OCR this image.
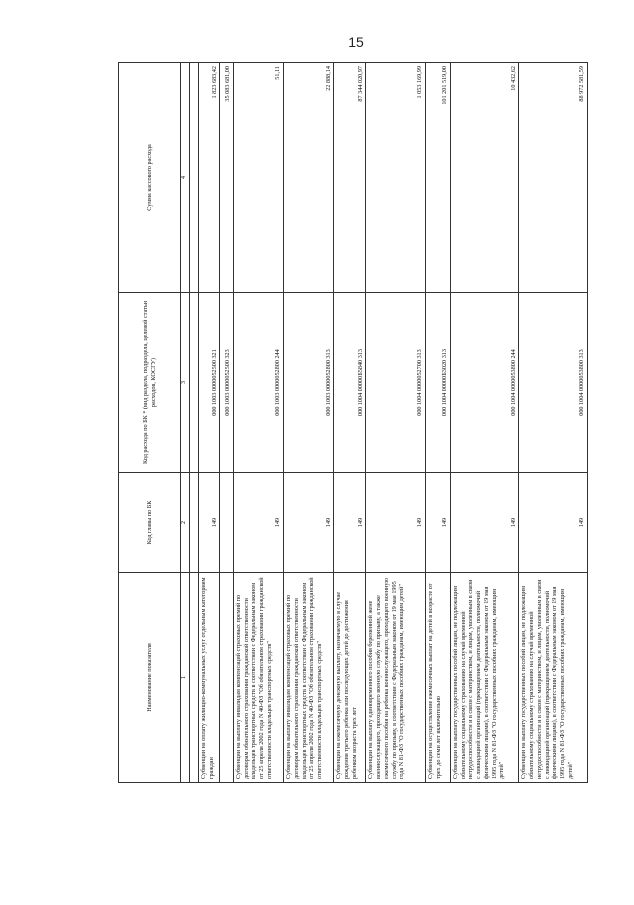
15
Наименование показателя	Код главы по БК	Код расхода по БК * (вид раздела, подраздела, целевой статьи расходов, КОСГУ)	Сумма кассового расхода
1	2	3	4

Субвенции на оплату жилищно-коммунальных услуг отдельным категориям граждан	149	000 1003 0000052500 321	1 823 683,42
		000 1003 0000052500 323	35 083 681,00
Субвенции на выплату инвалидам компенсаций страховых премий по договорам обязательного страхования гражданской ответственности владельцев транспортных средств в соответствии с Федеральным законом от 25 апреля 2002 года N 40-ФЗ "Об обязательном страховании гражданской ответственности владельцев транспортных средств"	149	000 1003 0000052800 244	51,11
Субвенции на выплату инвалидам компенсаций страховых премий по договорам обязательного страхования гражданской ответственности владельцев транспортных средств в соответствии с Федеральным законом от 25 апреля 2002 года N 40-ФЗ "Об обязательном страховании гражданской ответственности владельцев транспортных средств"	149	000 1003 0000052800 313	22 888,14
Субвенции на ежемесячную денежную выплату, назначаемую в случае рождения третьего ребенка или последующих детей до достижения ребенком возраста трех лет	149	000 1004 00000Б5840 313	87 344 020,97
Субвенции на выплату единовременного пособия беременной жене военнослужащего, проходящего военную службу по призыву, а также ежемесячного пособия на ребенка военнослужащего, проходящего военную службу по призыву, в соответствии с Федеральным законом от 19 мая 1995 года N 81-ФЗ "О государственных пособиях гражданам, имеющим детей"	149	000 1004 0000052700 313	1 053 169,99
Субвенции на осуществление ежемесячных выплат на детей в возрасте от трех до семи лет включительно	149	000 1004 00000Б3020 313	101 201 519,00
Субвенции на выплату государственных пособий лицам, не подлежащим обязательному социальному страхованию на случай временной нетрудоспособности и в связи с материнством, и лицам, уволенным в связи с ликвидацией организаций (прекращением деятельности, полномочий физическими лицами), в соответствии с Федеральным законом от 19 мая 1995 года N 81-ФЗ "О государственных пособиях гражданам, имеющим детей"	149	000 1004 0000053800 244	10 432,62
Субвенции на выплату государственных пособий лицам, не подлежащим обязательному социальному страхованию на случай временной нетрудоспособности и в связи с материнством, и лицам, уволенным в связи с ликвидацией организаций (прекращением деятельности, полномочий физическими лицами), в соответствии с Федеральным законом от 19 мая 1995 года N 81-ФЗ "О государственных пособиях гражданам, имеющим детей"	149	000 1004 0000053800 313	88 972 581,59
